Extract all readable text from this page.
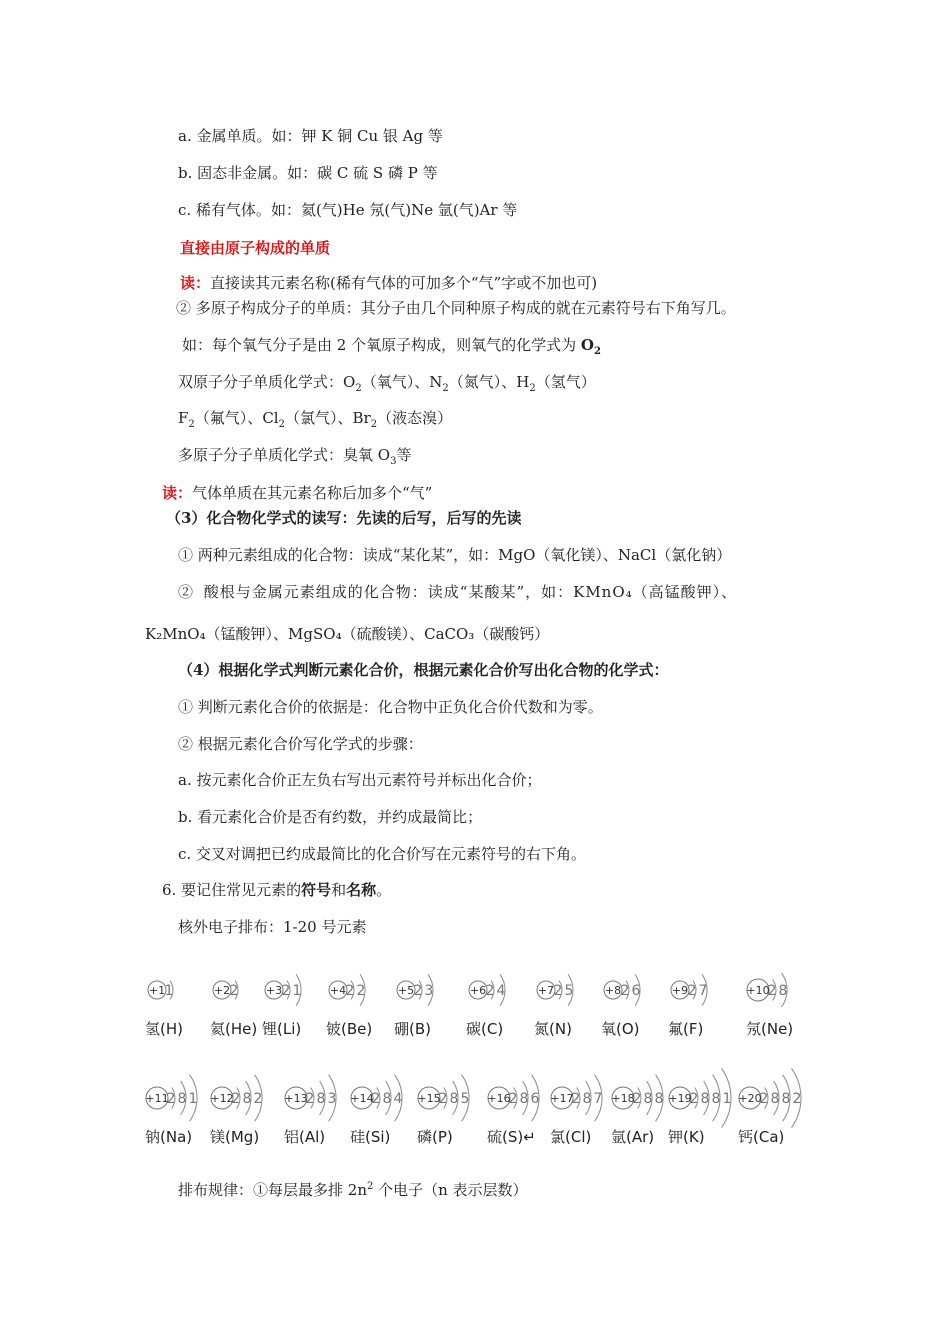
a. 金属单质。如：钾 K 铜 Cu 银 Ag 等
b. 固态非金属。如：碳 C 硫 S 磷 P 等
c. 稀有气体。如：氦(气)He 氖(气)Ne 氩(气)Ar 等
直接由原子构成的单质
读：直接读其元素名称(稀有气体的可加多个“气”字或不加也可)
② 多原子构成分子的单质：其分子由几个同种原子构成的就在元素符号右下角写几。
如：每个氧气分子是由 2 个氧原子构成，则氧气的化学式为 $O_2$
双原子分子单质化学式：$O_2$（氧气）、$N_2$（氮气）、$H_2$（氢气）
$F_2$（氟气）、$Cl_2$（氯气）、$Br_2$（液态溴）
多原子分子单质化学式：臭氧 $O_3$等
读：气体单质在其元素名称后加多个“气”
（3）化合物化学式的读写：先读的后写，后写的先读
① 两种元素组成的化合物：读成“某化某”，如：MgO（氧化镁）、NaCl（氯化钠）
② 酸根与金属元素组成的化合物：读成“某酸某”，如：KMnO₄（高锰酸钾）、
K₂MnO₄（锰酸钾）、MgSO₄（硫酸镁）、CaCO₃（碳酸钙）
（4）根据化学式判断元素化合价，根据元素化合价写出化合物的化学式：
① 判断元素化合价的依据是：化合物中正负化合价代数和为零。
② 根据元素化合价写化学式的步骤：
a. 按元素化合价正左负右写出元素符号并标出化合价；
b. 看元素化合价是否有约数，并约成最简比；
c. 交叉对调把已约成最简比的化合价写在元素符号的右下角。
6. 要记住常见元素的符号和名称。
核外电子排布：1-20 号元素
+1 1
氢(H)
+2 2
氦(He)
+3 2 1
锂(Li)
+4 2 2
铍(Be)
+5 2 3
硼(B)
+6 2 4
碳(C)
+7 2 5
氮(N)
+8 2 6
氧(O)
+9 2 7
氟(F)
+10
2 8
氖(Ne)
+11
2 8 1
钠(Na)
+12
2 8 2
镁(Mg)
+13
2 8 3
铝(Al)
+14
2 8 4
硅(Si)
+15
2 8 5
磷(P)
+16
2 8 6
硫(S)↵
+17
2 8 7
氯(Cl)
+18
2 8 8
氩(Ar)
+19
2 8 8 1
钾(K)
+20
2 8 8 2
钙(Ca)
排布规律：①每层最多排 $2n^2$ 个电子（n 表示层数）
